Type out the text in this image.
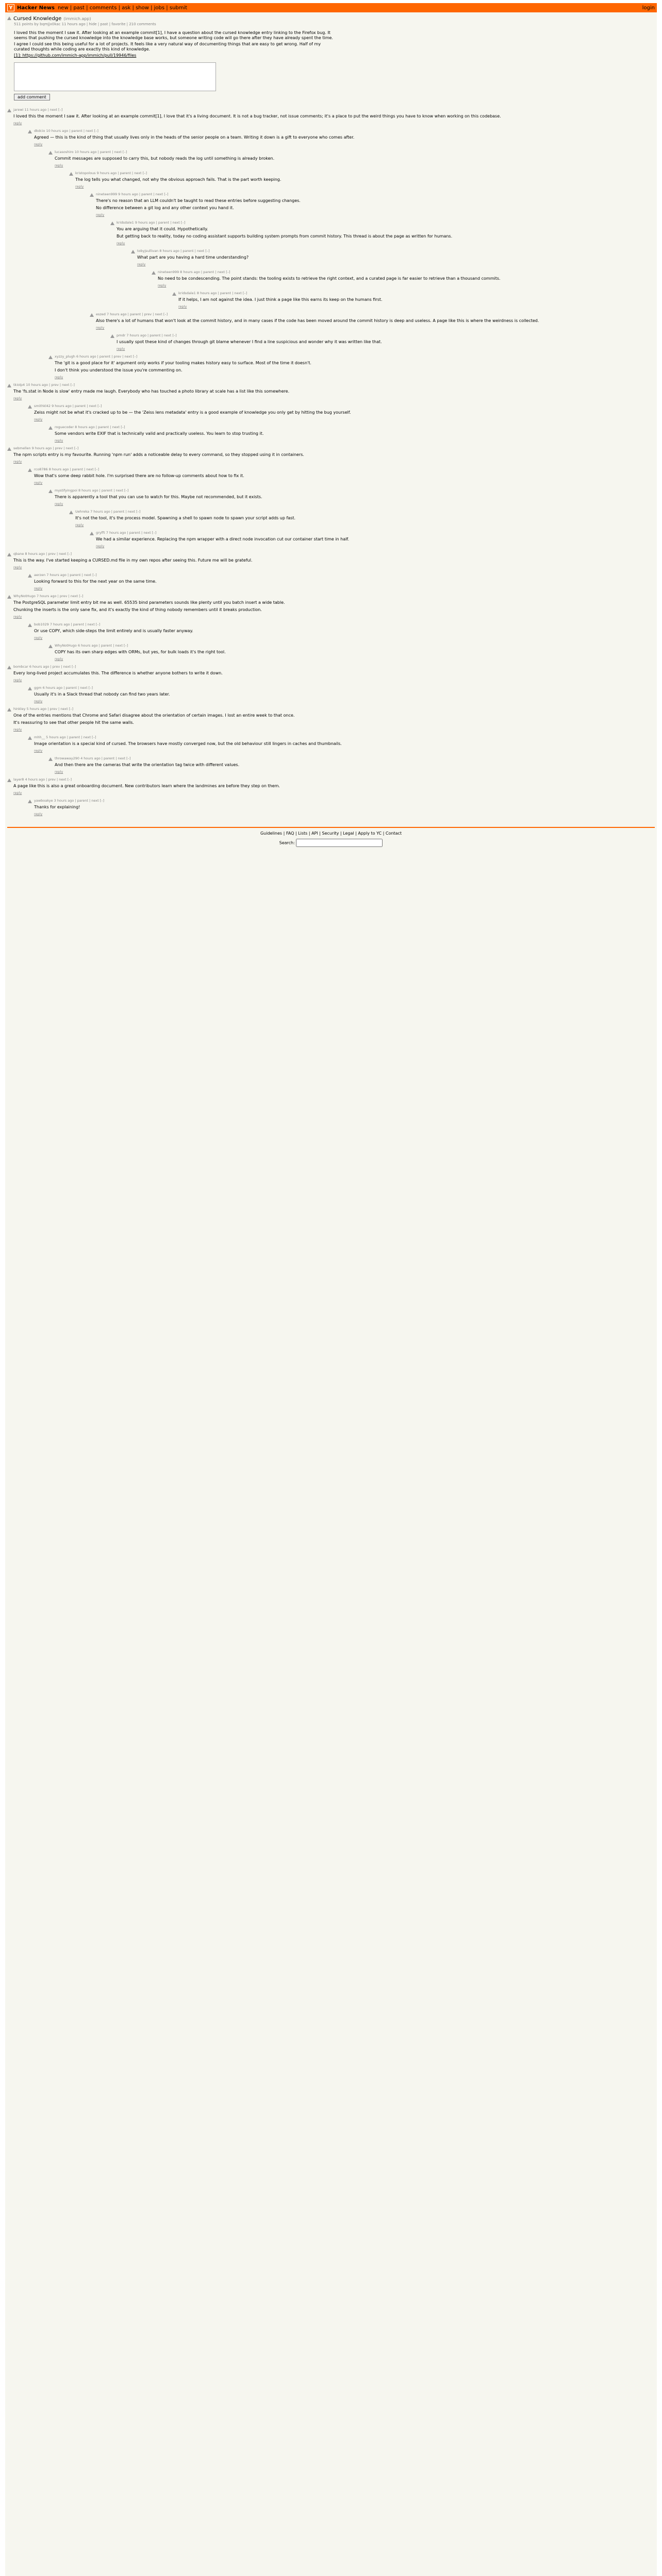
Y Hacker News new | past | comments | ask | show | jobs | submit	login
Cursed Knowledge (immich.app)
511 points by bqmjjx0kac 11 hours ago | hide | past | favorite | 210 comments

I loved this the moment I saw it. After looking at an example commit[1], I have a question about the cursed knowledge entry linking to the Firefox bug. It seems that pushing the cursed knowledge into the knowledge base works, but someone writing code will go there after they have already spent the time.

I agree I could see this being useful for a lot of projects. It feels like a very natural way of documenting things that are easy to get wrong. Half of my curated thoughts while coding are exactly this kind of knowledge.

[1]: https://github.com/immich-app/immich/pull/19946/files

add comment
jarewi 11 hours ago | next [–]

I loved this the moment I saw it. After looking at an example commit[1], I love that it's a living document. It is not a bug tracker, not issue comments; it's a place to put the weird things you have to know when working on this codebase.

reply
dkdcio 10 hours ago | parent | next [–]

Agreed — this is the kind of thing that usually lives only in the heads of the senior people on a team. Writing it down is a gift to everyone who comes after.

reply
lucasoshiro 10 hours ago | parent | next [–]

Commit messages are supposed to carry this, but nobody reads the log until something is already broken.

reply
kristopolous 9 hours ago | parent | next [–]

The log tells you what changed, not why the obvious approach fails. That is the part worth keeping.

reply
nineteen999 9 hours ago | parent | next [–]

There's no reason that an LLM couldn't be taught to read these entries before suggesting changes.

No difference between a git log and any other context you hand it.

reply
kridsdale1 9 hours ago | parent | next [–]

You are arguing that it could. Hypothetically.

But getting back to reality, today no coding assistant supports building system prompts from commit history. This thread is about the page as written for humans.

reply
tobyjsullivan 8 hours ago | parent | next [–]

What part are you having a hard time understanding?

reply
nineteen999 8 hours ago | parent | next [–]

No need to be condescending. The point stands: the tooling exists to retrieve the right context, and a curated page is far easier to retrieve than a thousand commits.

reply
kridsdale1 8 hours ago | parent | next [–]

If it helps, I am not against the idea. I just think a page like this earns its keep on the humans first.

reply
eszed 7 hours ago | parent | prev | next [–]

Also there's a lot of humans that won't look at the commit history, and in many cases if the code has been moved around the commit history is deep and useless. A page like this is where the weirdness is collected.

reply
pmdr 7 hours ago | parent | next [–]

I usually spot these kind of changes through git blame whenever I find a line suspicious and wonder why it was written like that.

reply
xyzzy_plugh 6 hours ago | parent | prev | next [–]

The 'git is a good place for it' argument only works if your tooling makes history easy to surface. Most of the time it doesn't.

I don't think you understood the issue you're commenting on.

reply
tkiolp4 10 hours ago | prev | next [–]

The 'fs.stat in Node is slow' entry made me laugh. Everybody who has touched a photo library at scale has a list like this somewhere.

reply
smithkl42 9 hours ago | parent | next [–]

Zeiss might not be what it's cracked up to be — the 'Zeiss lens metadata' entry is a good example of knowledge you only get by hitting the bug yourself.

reply
roguecoder 8 hours ago | parent | next [–]

Some vendors write EXIF that is technically valid and practically useless. You learn to stop trusting it.

reply
sebmellen 9 hours ago | prev | next [–]

The npm scripts entry is my favourite. Running 'npm run' adds a noticeable delay to every command, so they stopped using it in containers.

reply
rco8786 8 hours ago | parent | next [–]

Wow that's some deep rabbit hole. I'm surprised there are no follow-up comments about how to fix it.

reply
mystifyingpoi 8 hours ago | parent | next [–]

There is apparently a tool that you can use to watch for this. Maybe not recommended, but it exists.

reply
Uehreka 7 hours ago | parent | next [–]

It's not the tool, it's the process model. Spawning a shell to spawn node to spawn your script adds up fast.

reply
gryfft 7 hours ago | parent | next [–]

We had a similar experience. Replacing the npm wrapper with a direct node invocation cut our container start time in half.

reply
qbane 8 hours ago | prev | next [–]

This is the way. I've started keeping a CURSED.md file in my own repos after seeing this. Future me will be grateful.

reply
aerzen 7 hours ago | parent | next [–]

Looking forward to this for the next year on the same time.

reply
WhyNotHugo 7 hours ago | prev | next [–]

The PostgreSQL parameter limit entry bit me as well. 65535 bind parameters sounds like plenty until you batch insert a wide table.

Chunking the inserts is the only sane fix, and it's exactly the kind of thing nobody remembers until it breaks production.

reply
bob1029 7 hours ago | parent | next [–]

Or use COPY, which side-steps the limit entirely and is usually faster anyway.

reply
WhyNotHugo 6 hours ago | parent | next [–]

COPY has its own sharp edges with ORMs, but yes, for bulk loads it's the right tool.

reply
bombcar 6 hours ago | prev | next [–]

Every long-lived project accumulates this. The difference is whether anyone bothers to write it down.

reply
ggm 6 hours ago | parent | next [–]

Usually it's in a Slack thread that nobody can find two years later.

reply
hinkley 5 hours ago | prev | next [–]

One of the entries mentions that Chrome and Safari disagree about the orientation of certain images. I lost an entire week to that once.

It's reassuring to see that other people hit the same walls.

reply
mhh__ 5 hours ago | parent | next [–]

Image orientation is a special kind of cursed. The browsers have mostly converged now, but the old behaviour still lingers in caches and thumbnails.

reply
throwaway290 4 hours ago | parent | next [–]

And then there are the cameras that write the orientation tag twice with different values.

reply
layer8 4 hours ago | prev | next [–]

A page like this is also a great onboarding document. New contributors learn where the landmines are before they step on them.

reply
yawboakye 3 hours ago | parent | next [–]

Thanks for explaining!

reply
Guidelines | FAQ | Lists | API | Security | Legal | Apply to YC | Contact
Search:
